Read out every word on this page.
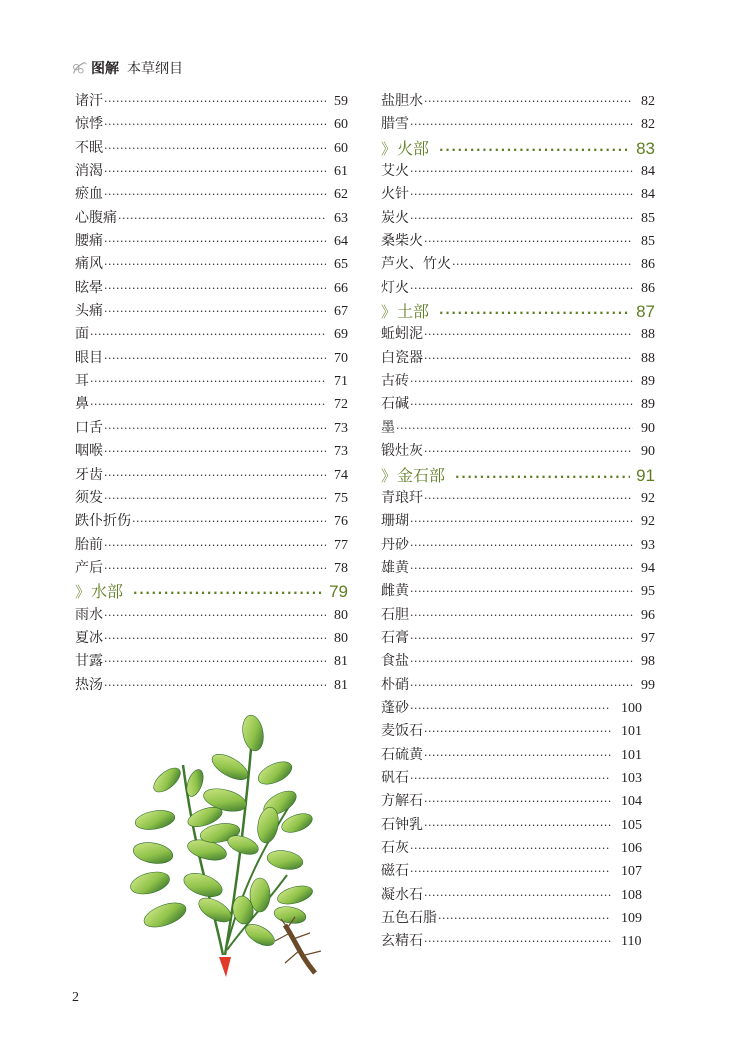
图解 本草纲目
诸汗 ·····	59
惊悸 ·····	60
不眠 ·····	60
消渴 ·····	61
瘀血 ·····	62
心腹痛 ·····	63
腰痛 ·····	64
痛风 ·····	65
眩晕 ·····	66
头痛 ·····	67
面 ·····	69
眼目 ·····	70
耳 ·····	71
鼻 ·····	72
口舌 ·····	73
咽喉 ·····	73
牙齿 ·····	74
须发 ·····	75
跌仆折伤 ·····	76
胎前 ·····	77
产后 ·····	78
》 水部 ·····	79
雨水 ·····	80
夏冰 ·····	80
甘露 ·····	81
热汤 ·····	81
盐胆水 ·····	82
腊雪 ·····	82
》 火部 ·····	83
艾火 ·····	84
火针 ·····	84
炭火 ·····	85
桑柴火 ·····	85
芦火、竹火 ·····	86
灯火 ·····	86
》 土部 ·····	87
蚯蚓泥 ·····	88
白瓷器 ·····	88
古砖 ·····	89
石碱 ·····	89
墨 ·····	90
锻灶灰 ·····	90
》 金石部 ·····	91
青琅玕 ·····	92
珊瑚 ·····	92
丹砂 ·····	93
雄黄 ·····	94
雌黄 ·····	95
石胆 ·····	96
石膏 ·····	97
食盐 ·····	98
朴硝 ·····	99
蓬砂 ·····	100
麦饭石 ·····	101
石硫黄 ·····	101
矾石 ·····	103
方解石 ·····	104
石钟乳 ·····	105
石灰 ·····	106
磁石 ·····	107
凝水石 ·····	108
五色石脂 ·····	109
玄精石 ·····	110
2
